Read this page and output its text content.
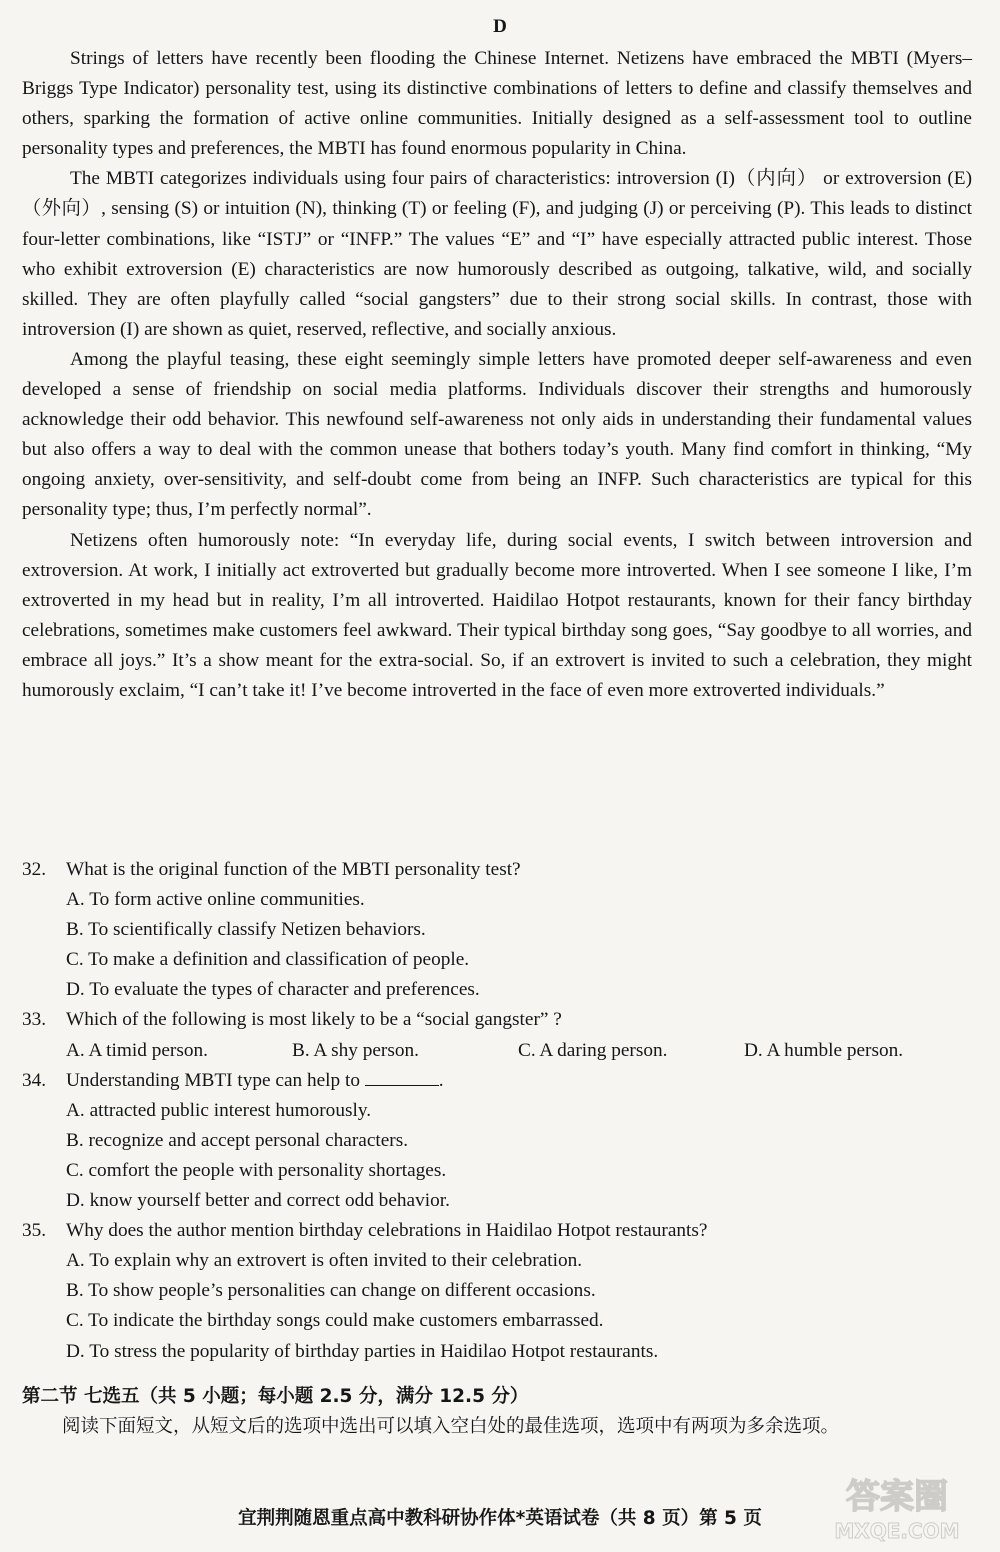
D

Strings of letters have recently been flooding the Chinese Internet. Netizens have embraced the MBTI (Myers–Briggs Type Indicator) personality test, using its distinctive combinations of letters to define and classify themselves and others, sparking the formation of active online communities. Initially designed as a self-assessment tool to outline personality types and preferences, the MBTI has found enormous popularity in China.

The MBTI categorizes individuals using four pairs of characteristics: introversion (I)（内向） or extroversion (E)（外向）, sensing (S) or intuition (N), thinking (T) or feeling (F), and judging (J) or perceiving (P). This leads to distinct four-letter combinations, like “ISTJ” or “INFP.” The values “E” and “I” have especially attracted public interest. Those who exhibit extroversion (E) characteristics are now humorously described as outgoing, talkative, wild, and socially skilled. They are often playfully called “social gangsters” due to their strong social skills. In contrast, those with introversion (I) are shown as quiet, reserved, reflective, and socially anxious.

Among the playful teasing, these eight seemingly simple letters have promoted deeper self-awareness and even developed a sense of friendship on social media platforms. Individuals discover their strengths and humorously acknowledge their odd behavior. This newfound self-awareness not only aids in understanding their fundamental values but also offers a way to deal with the common unease that bothers today’s youth. Many find comfort in thinking, “My ongoing anxiety, over-sensitivity, and self-doubt come from being an INFP. Such characteristics are typical for this personality type; thus, I’m perfectly normal”.

Netizens often humorously note: “In everyday life, during social events, I switch between introversion and extroversion. At work, I initially act extroverted but gradually become more introverted. When I see someone I like, I’m extroverted in my head but in reality, I’m all introverted. Haidilao Hotpot restaurants, known for their fancy birthday celebrations, sometimes make customers feel awkward. Their typical birthday song goes, “Say goodbye to all worries, and embrace all joys.” It’s a show meant for the extra-social. So, if an extrovert is invited to such a celebration, they might humorously exclaim, “I can’t take it! I’ve become introverted in the face of even more extroverted individuals.”

32.	What is the original function of the MBTI personality test?
A. To form active online communities.
B. To scientifically classify Netizen behaviors.
C. To make a definition and classification of people.
D. To evaluate the types of character and preferences.
33.	Which of the following is most likely to be a “social gangster” ?
A. A timid person.	B. A shy person.	C. A daring person.	D. A humble person.
34.	Understanding MBTI type can help to	.
A. attracted public interest humorously.
B. recognize and accept personal characters.
C. comfort the people with personality shortages.
D. know yourself better and correct odd behavior.
35.	Why does the author mention birthday celebrations in Haidilao Hotpot restaurants?
A. To explain why an extrovert is often invited to their celebration.
B. To show people’s personalities can change on different occasions.
C. To indicate the birthday songs could make customers embarrassed.
D. To stress the popularity of birthday parties in Haidilao Hotpot restaurants.
第二节 七选五（共 5 小题；每小题 2.5 分，满分 12.5 分）
阅读下面短文，从短文后的选项中选出可以填入空白处的最佳选项，选项中有两项为多余选项。
宜荆荆随恩重点高中教科研协作体*英语试卷（共 8 页）第 5 页
答案圈
MXQE.COM
